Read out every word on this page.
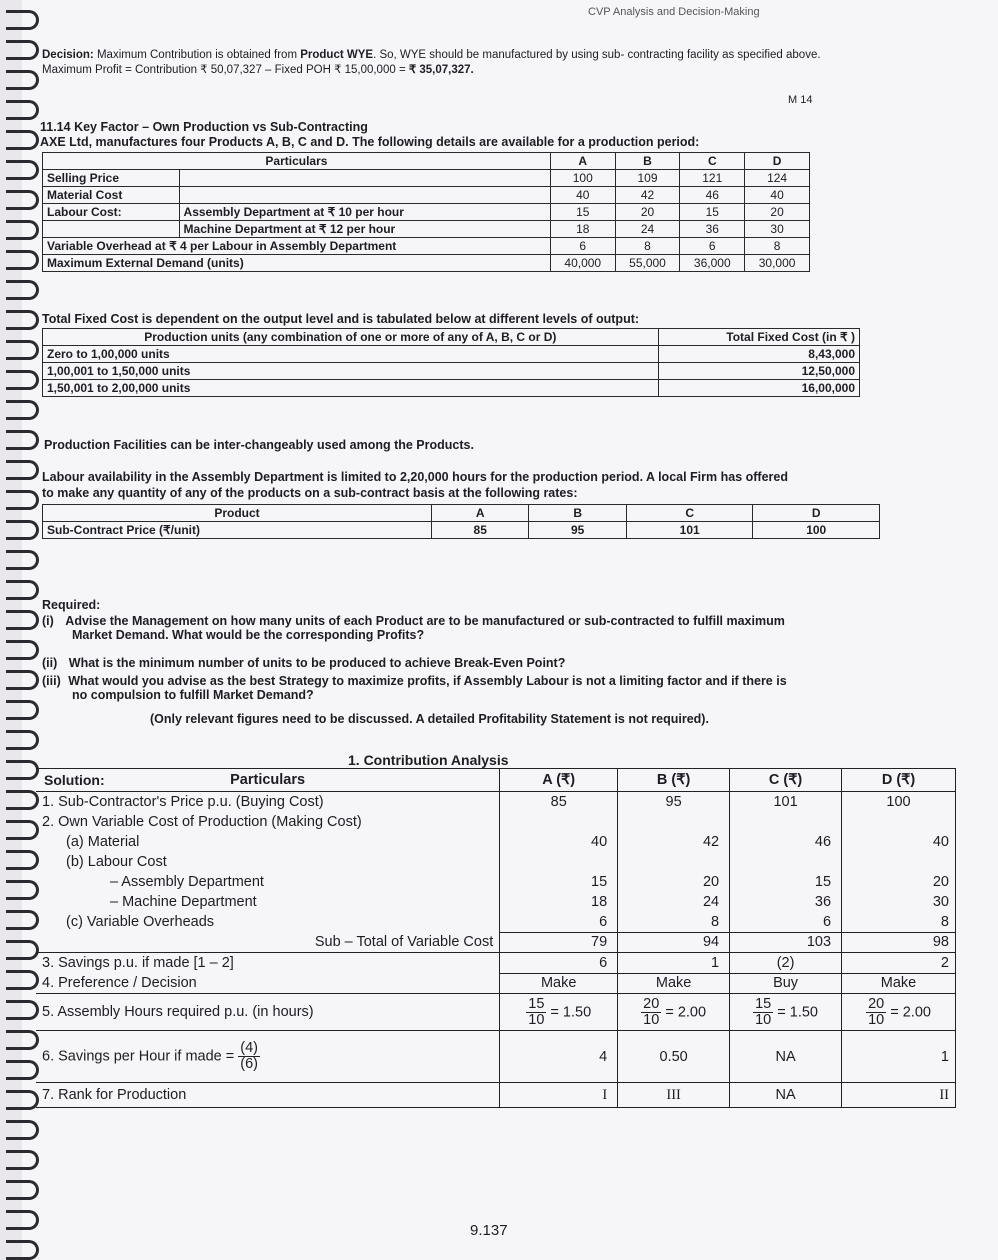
CVP Analysis and Decision-Making
Decision: Maximum Contribution is obtained from Product WYE. So, WYE should be manufactured by using sub- contracting facility as specified above. Maximum Profit = Contribution ₹ 50,07,327 – Fixed POH ₹ 15,00,000 = ₹ 35,07,327.
M 14
11.14 Key Factor – Own Production vs Sub-Contracting
AXE Ltd, manufactures four Products A, B, C and D. The following details are available for a production period:
Particulars		A	B	C	D
Selling Price		100	109	121	124
Material Cost		40	42	46	40
Labour Cost:	Assembly Department at ₹ 10 per hour	15	20	15	20
	Machine Department at ₹ 12 per hour	18	24	36	30
Variable Overhead at ₹ 4 per Labour in Assembly Department		6	8	6	8
Maximum External Demand (units)		40,000	55,000	36,000	30,000
Total Fixed Cost is dependent on the output level and is tabulated below at different levels of output:
Production units (any combination of one or more of any of A, B, C or D)	Total Fixed Cost (in ₹ )
Zero to 1,00,000 units	8,43,000
1,00,001 to 1,50,000 units	12,50,000
1,50,001 to 2,00,000 units	16,00,000
Production Facilities can be inter-changeably used among the Products.
Labour availability in the Assembly Department is limited to 2,20,000 hours for the production period. A local Firm has offered
to make any quantity of any of the products on a sub-contract basis at the following rates:
Product	A	B	C	D
Sub-Contract Price (₹/unit)	85	95	101	100
Required:
(i) Advise the Management on how many units of each Product are to be manufactured or sub-contracted to fulfill maximum
Market Demand. What would be the corresponding Profits?
(ii) What is the minimum number of units to be produced to achieve Break-Even Point?
(iii) What would you advise as the best Strategy to maximize profits, if Assembly Labour is not a limiting factor and if there is
no compulsion to fulfill Market Demand?
(Only relevant figures need to be discussed. A detailed Profitability Statement is not required).
1. Contribution Analysis
Solution:	Particulars	A (₹)	B (₹)	C (₹)	D (₹)
1. Sub-Contractor's Price p.u. (Buying Cost)	85	95	101	100
2. Own Variable Cost of Production (Making Cost)				
(a) Material	40	42	46	40
(b) Labour Cost				
– Assembly Department	15	20	15	20
– Machine Department	18	24	36	30
(c) Variable Overheads	6	8	6	8
Sub – Total of Variable Cost	79	94	103	98
3. Savings p.u. if made [1 – 2]	6	1	(2)	2
4. Preference / Decision	Make	Make	Buy	Make
5. Assembly Hours required p.u. (in hours)	$\frac{15}{10} = 1.50$	$\frac{20}{10} = 2.00$	$\frac{15}{10} = 1.50$	$\frac{20}{10} = 2.00$
6. Savings per Hour if made = $\frac{(4)}{(6)}$	4	0.50	NA	1
7. Rank for Production	I	III	NA	II
9.137
